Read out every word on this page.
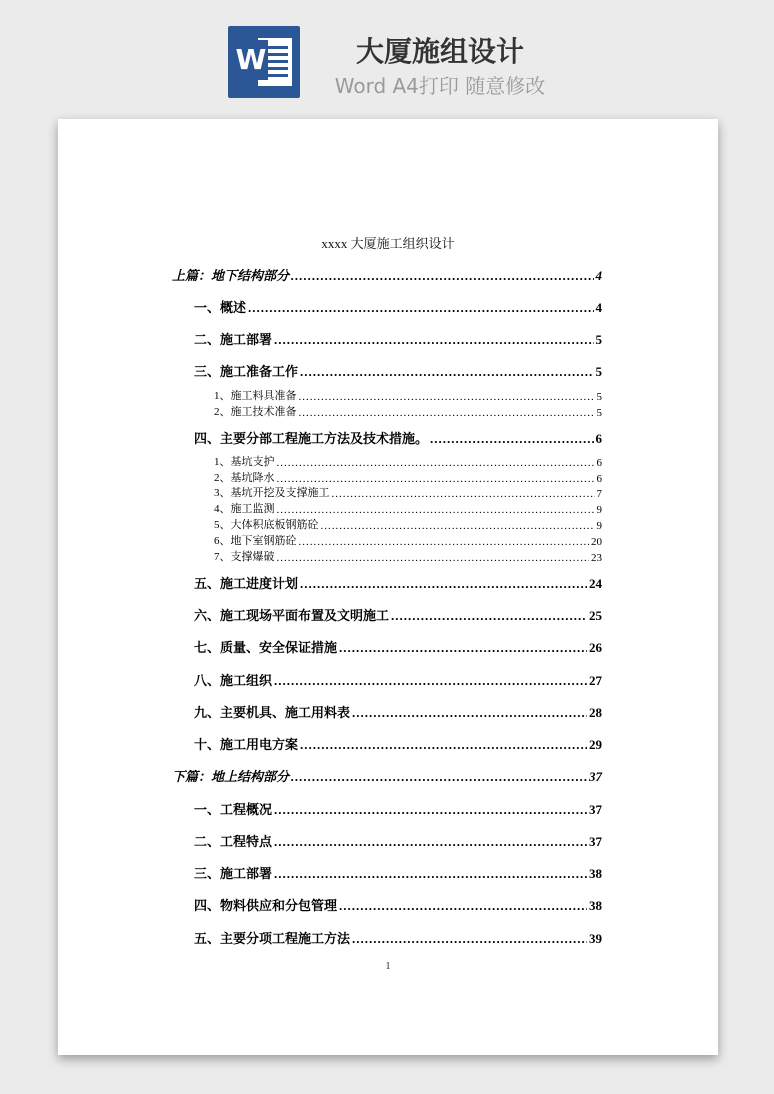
W	大厦施组设计
Word A4打印 随意修改
xxxx 大厦施工组织设计
上篇：地下结构部分 .....	4
一、概述 .....	4
二、施工部署 .....	5
三、施工准备工作 .....	5
1、施工料具准备 .....	5
2、施工技术准备 .....	5
四、主要分部工程施工方法及技术措施。 .....	6
1、基坑支护 .....	6
2、基坑降水 .....	6
3、基坑开挖及支撑施工 .....	7
4、施工监测 .....	9
5、大体积底板钢筋砼 .....	9
6、地下室钢筋砼 .....	20
7、支撑爆破 .....	23
五、施工进度计划 .....	24
六、施工现场平面布置及文明施工 .....	25
七、质量、安全保证措施 .....	26
八、施工组织 .....	27
九、主要机具、施工用料表 .....	28
十、施工用电方案 .....	29
下篇：地上结构部分 .....	37
一、工程概况 .....	37
二、工程特点 .....	37
三、施工部署 .....	38
四、物料供应和分包管理 .....	38
五、主要分项工程施工方法 .....	39
1
